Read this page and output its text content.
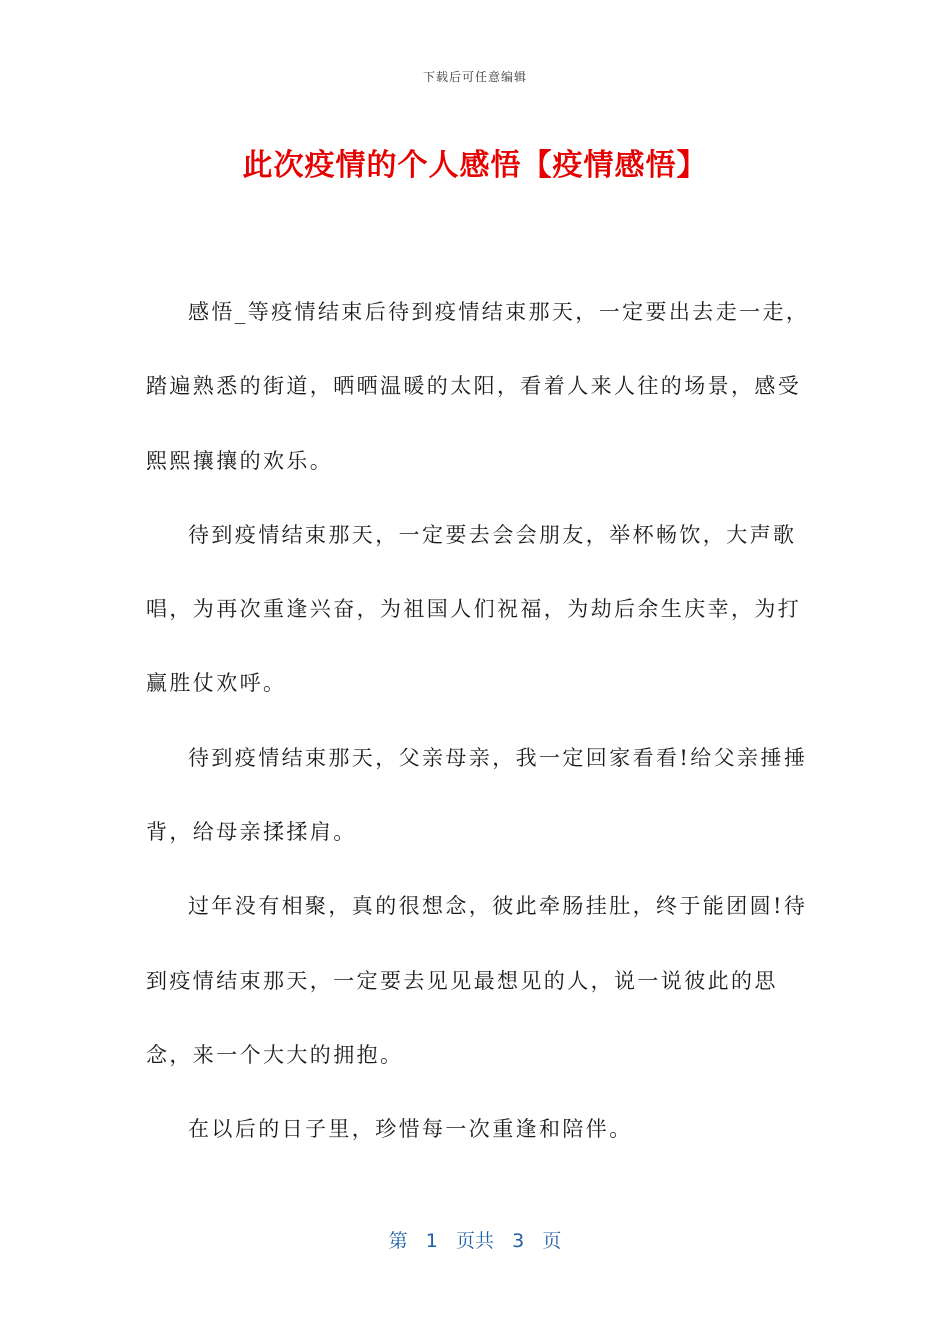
下载后可任意编辑
此次疫情的个人感悟【疫情感悟】

感悟_等疫情结束后待到疫情结束那天，一定要出去走一走，踏遍熟悉的街道，晒晒温暖的太阳，看着人来人往的场景，感受熙熙攘攘的欢乐。

待到疫情结束那天，一定要去会会朋友，举杯畅饮，大声歌唱，为再次重逢兴奋，为祖国人们祝福，为劫后余生庆幸，为打赢胜仗欢呼。

待到疫情结束那天，父亲母亲，我一定回家看看!给父亲捶捶背，给母亲揉揉肩。

过年没有相聚，真的很想念，彼此牵肠挂肚，终于能团圆!待到疫情结束那天，一定要去见见最想见的人，说一说彼此的思念，来一个大大的拥抱。

在以后的日子里，珍惜每一次重逢和陪伴。

第 1 页共 3 页
